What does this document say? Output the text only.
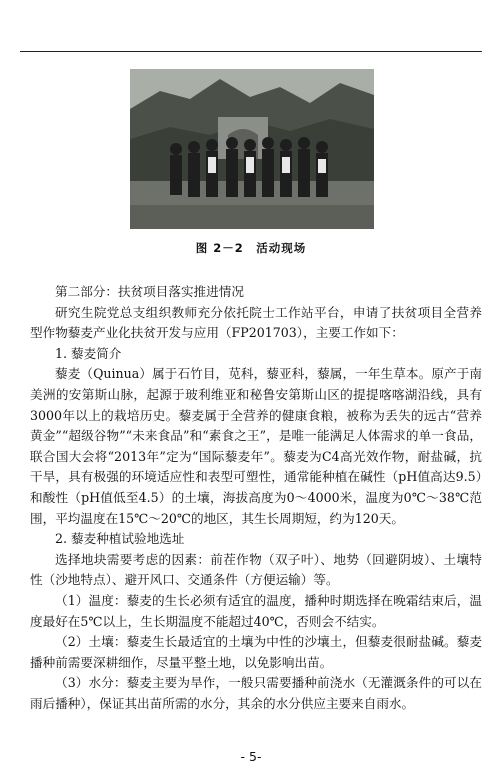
图 2－2　活动现场

第二部分：扶贫项目落实推进情况

研究生院党总支组织教师充分依托院士工作站平台，申请了扶贫项目全营养型作物藜麦产业化扶贫开发与应用（FP201703），主要工作如下：

1. 藜麦简介

藜麦（Quinua）属于石竹目，苋科，藜亚科，藜属，一年生草本。原产于南美洲的安第斯山脉，起源于玻利维亚和秘鲁安第斯山区的提提喀喀湖沿线，具有3000年以上的栽培历史。藜麦属于全营养的健康食粮，被称为丢失的远古“营养黄金”“超级谷物”“未来食品”和“素食之王”，是唯一能满足人体需求的单一食品，联合国大会将“2013年”定为“国际藜麦年”。藜麦为C4高光效作物，耐盐碱，抗干旱，具有极强的环境适应性和表型可塑性，通常能种植在碱性（pH值高达9.5）和酸性（pH值低至4.5）的土壤，海拔高度为0～4000米，温度为0℃～38℃范围，平均温度在15℃～20℃的地区，其生长周期短，约为120天。

2. 藜麦种植试验地选址

选择地块需要考虑的因素：前茬作物（双子叶）、地势（回避阴坡）、土壤特性（沙地特点）、避开风口、交通条件（方便运输）等。

（1）温度：藜麦的生长必须有适宜的温度，播种时期选择在晚霜结束后，温度最好在5℃以上，生长期温度不能超过40℃，否则会不结实。

（2）土壤：藜麦生长最适宜的土壤为中性的沙壤土，但藜麦很耐盐碱。藜麦播种前需要深耕细作，尽量平整土地，以免影响出苗。

（3）水分：藜麦主要为旱作，一般只需要播种前浇水（无灌溉条件的可以在雨后播种），保证其出苗所需的水分，其余的水分供应主要来自雨水。

- 5-
